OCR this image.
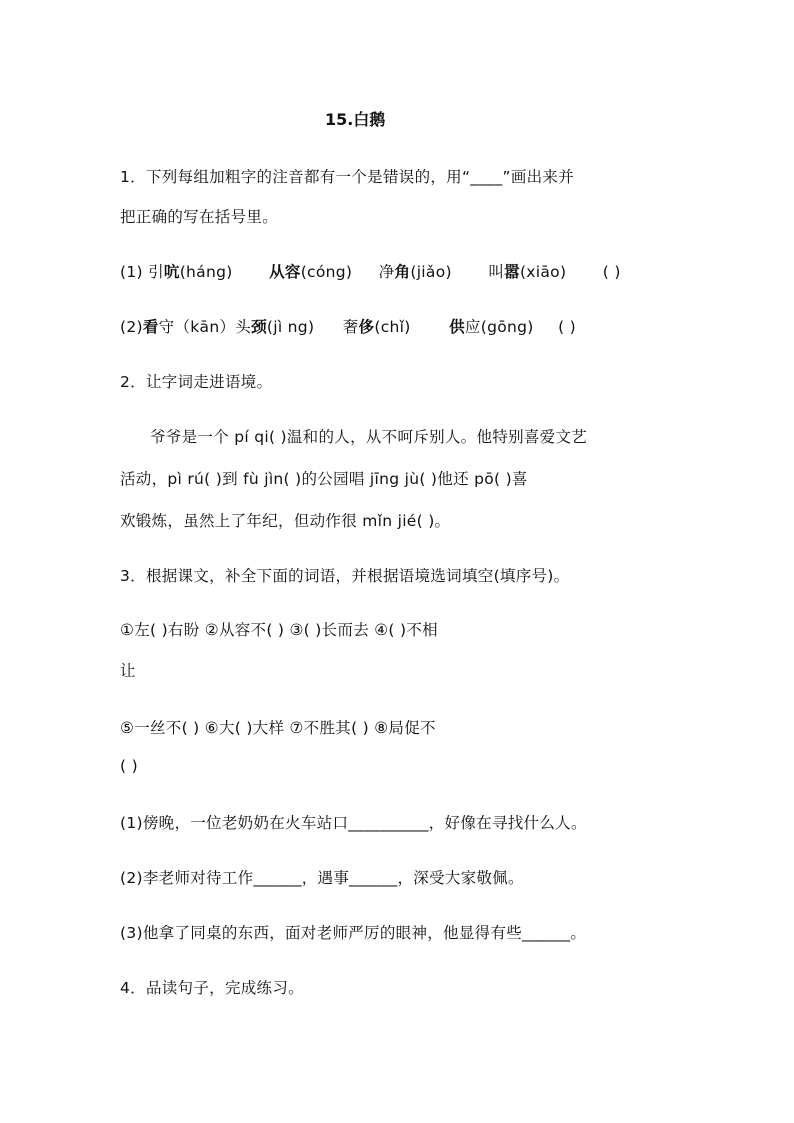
15.白鹅
1．下列每组加粗字的注音都有一个是错误的，用“____”画出来并
把正确的写在括号里。
(1) 引吭(háng) 从容(cóng) 净角(jiǎo) 叫嚣(xiāo) ( )
(2)看守（kān）头颈(jì ng) 奢侈(chǐ) 供应(gōng) ( )
2．让字词走进语境。
爷爷是一个 pí qi( )温和的人，从不呵斥别人。他特别喜爱文艺
活动，pì rú( )到 fù jìn( )的公园唱 jīng jù( )他还 pō( )喜
欢锻炼，虽然上了年纪，但动作很 mǐn jié( )。
3．根据课文，补全下面的词语，并根据语境选词填空(填序号)。
①左( )右盼 ②从容不( ) ③( )长而去 ④( )不相
让
⑤一丝不( ) ⑥大( )大样 ⑦不胜其( ) ⑧局促不
( )
(1)傍晚，一位老奶奶在火车站口__________，好像在寻找什么人。
(2)李老师对待工作______，遇事______，深受大家敬佩。
(3)他拿了同桌的东西，面对老师严厉的眼神，他显得有些______。
4．品读句子，完成练习。
